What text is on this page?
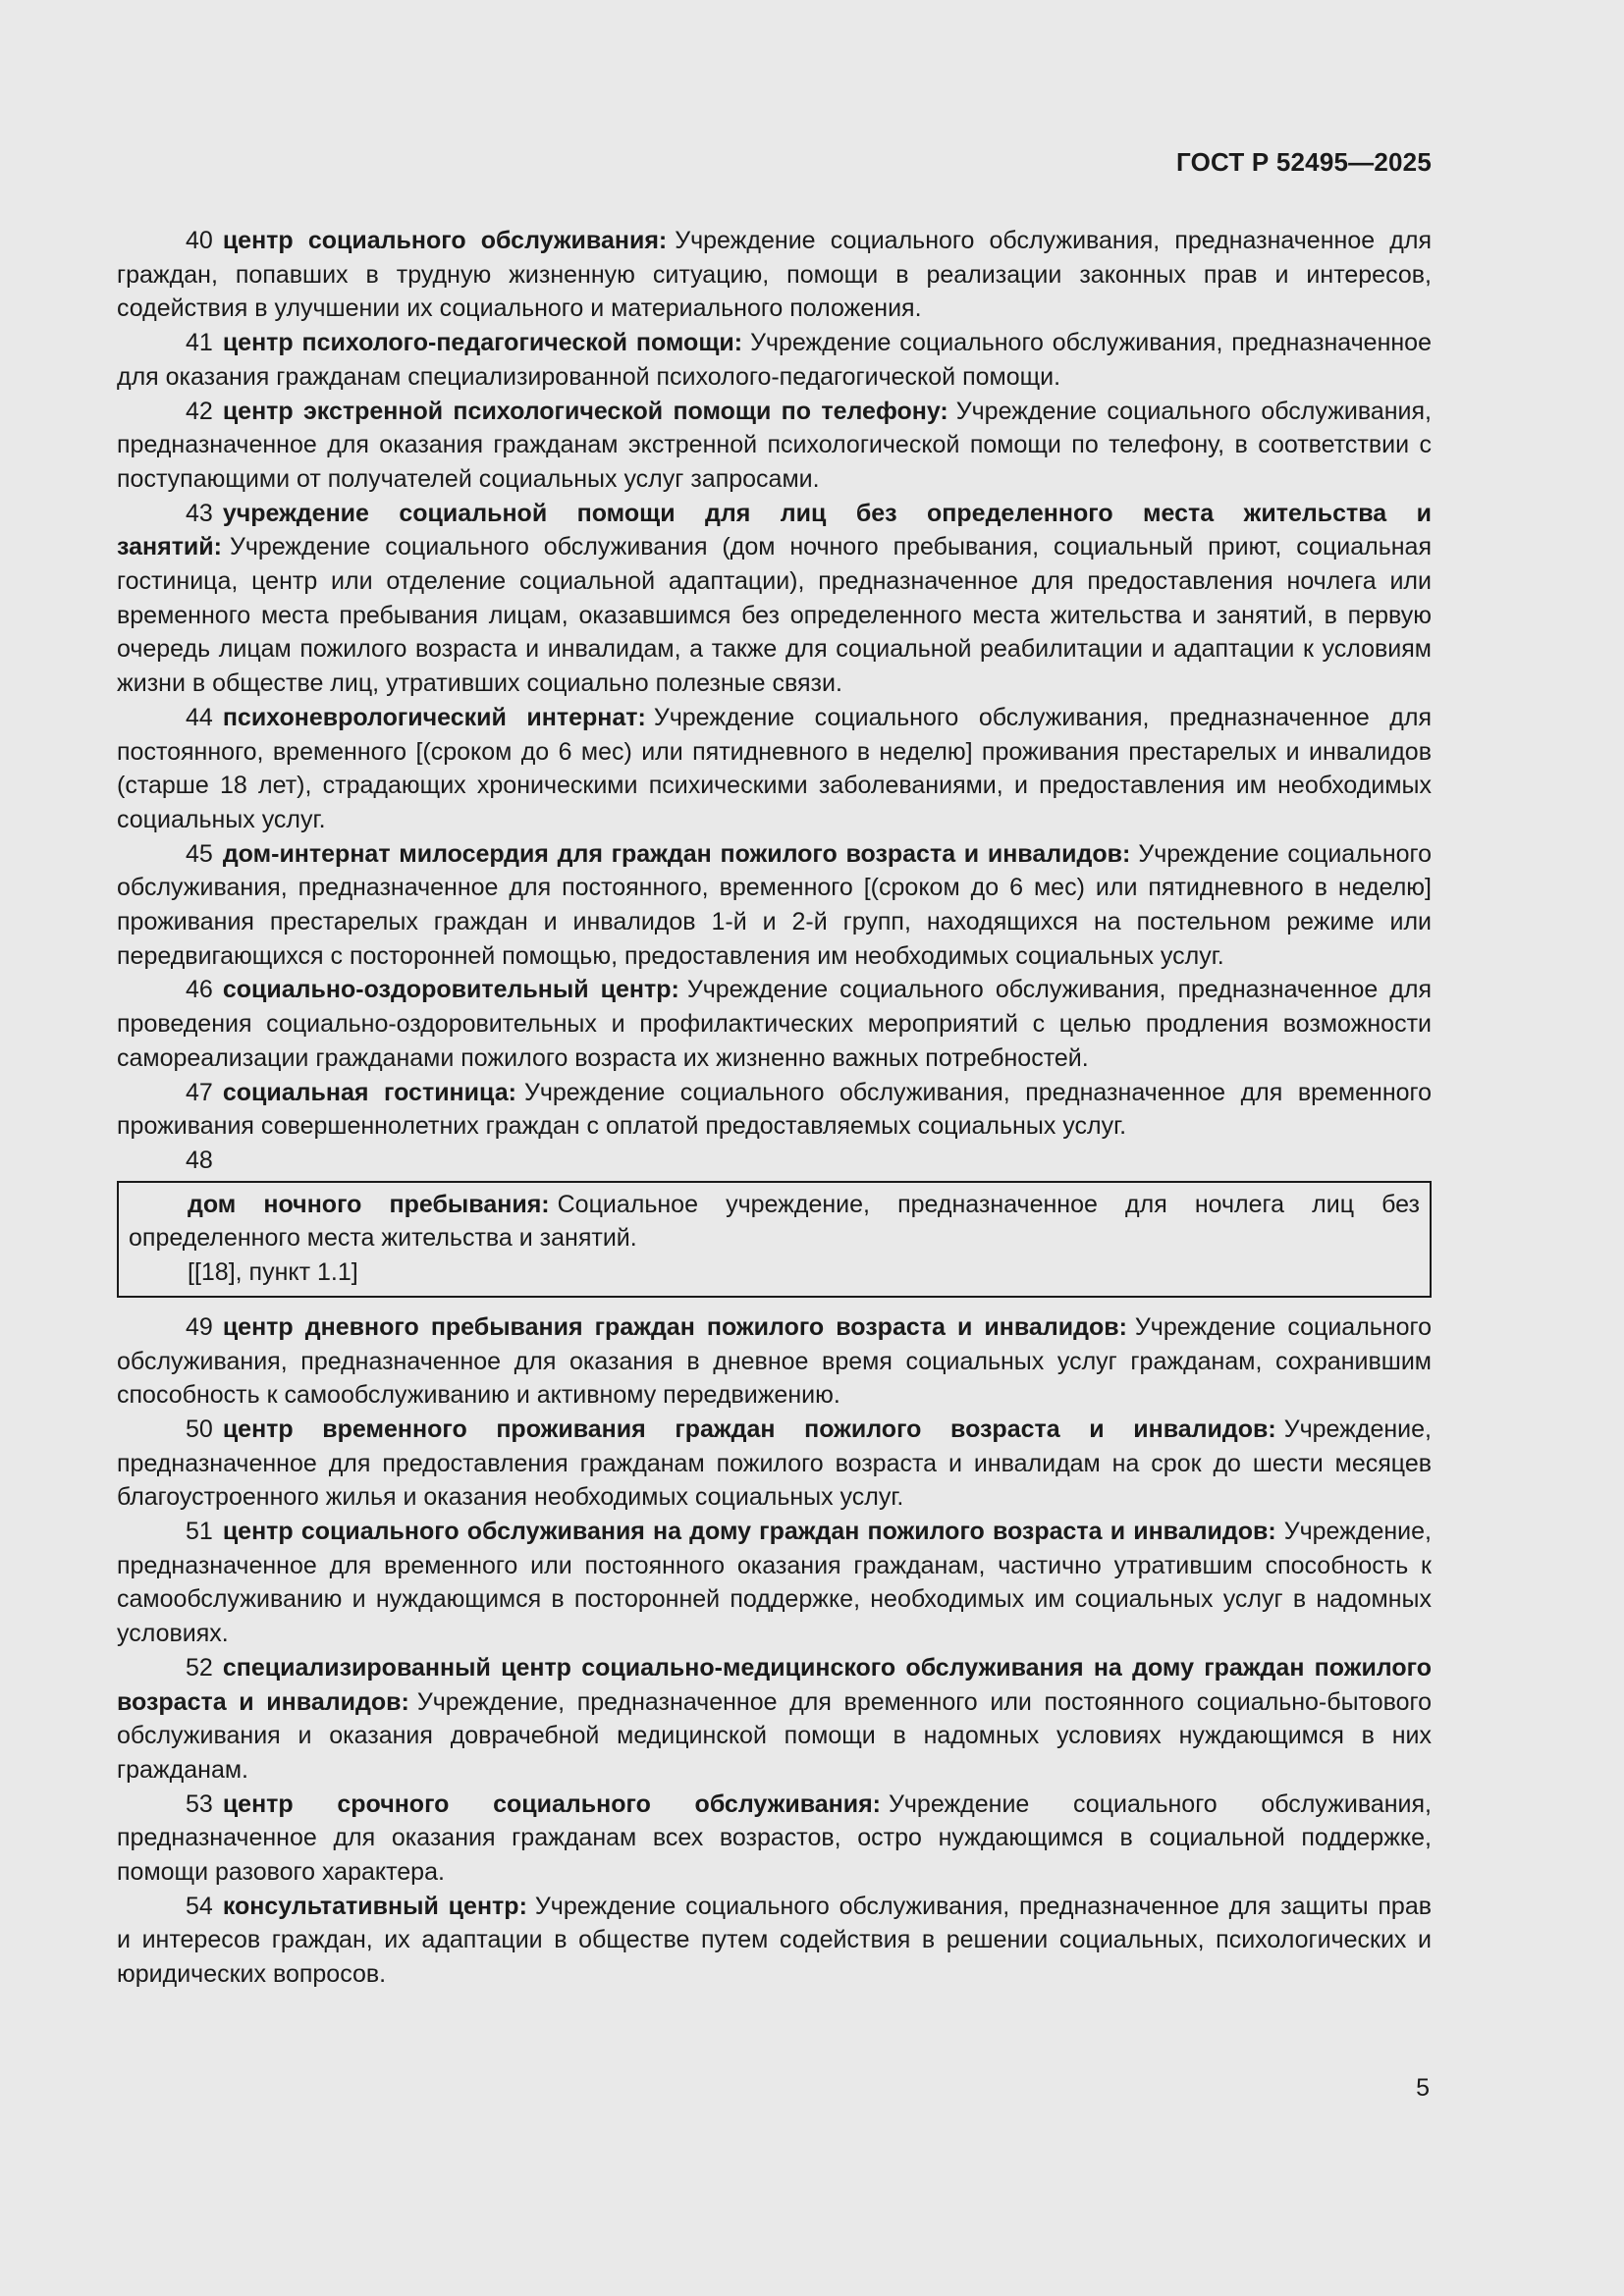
ГОСТ Р 52495—2025

40 центр социального обслуживания: Учреждение социального обслуживания, предназначенное для граждан, попавших в трудную жизненную ситуацию, помощи в реализации законных прав и интересов, содействия в улучшении их социального и материального положения.

41 центр психолого-педагогической помощи: Учреждение социального обслуживания, предназначенное для оказания гражданам специализированной психолого-педагогической помощи.

42 центр экстренной психологической помощи по телефону: Учреждение социального обслуживания, предназначенное для оказания гражданам экстренной психологической помощи по телефону, в соответствии с поступающими от получателей социальных услуг запросами.

43 учреждение социальной помощи для лиц без определенного места жительства и занятий: Учреждение социального обслуживания (дом ночного пребывания, социальный приют, социальная гостиница, центр или отделение социальной адаптации), предназначенное для предоставления ночлега или временного места пребывания лицам, оказавшимся без определенного места жительства и занятий, в первую очередь лицам пожилого возраста и инвалидам, а также для социальной реабилитации и адаптации к условиям жизни в обществе лиц, утративших социально полезные связи.

44 психоневрологический интернат: Учреждение социального обслуживания, предназначенное для постоянного, временного [(сроком до 6 мес) или пятидневного в неделю] проживания престарелых и инвалидов (старше 18 лет), страдающих хроническими психическими заболеваниями, и предоставления им необходимых социальных услуг.

45 дом-интернат милосердия для граждан пожилого возраста и инвалидов: Учреждение социального обслуживания, предназначенное для постоянного, временного [(сроком до 6 мес) или пятидневного в неделю] проживания престарелых граждан и инвалидов 1-й и 2-й групп, находящихся на постельном режиме или передвигающихся с посторонней помощью, предоставления им необходимых социальных услуг.

46 социально-оздоровительный центр: Учреждение социального обслуживания, предназначенное для проведения социально-оздоровительных и профилактических мероприятий с целью продления возможности самореализации гражданами пожилого возраста их жизненно важных потребностей.

47 социальная гостиница: Учреждение социального обслуживания, предназначенное для временного проживания совершеннолетних граждан с оплатой предоставляемых социальных услуг.

48

дом ночного пребывания: Социальное учреждение, предназначенное для ночлега лиц без определенного места жительства и занятий.

[[18], пункт 1.1]

49 центр дневного пребывания граждан пожилого возраста и инвалидов: Учреждение социального обслуживания, предназначенное для оказания в дневное время социальных услуг гражданам, сохранившим способность к самообслуживанию и активному передвижению.

50 центр временного проживания граждан пожилого возраста и инвалидов: Учреждение, предназначенное для предоставления гражданам пожилого возраста и инвалидам на срок до шести месяцев благоустроенного жилья и оказания необходимых социальных услуг.

51 центр социального обслуживания на дому граждан пожилого возраста и инвалидов: Учреждение, предназначенное для временного или постоянного оказания гражданам, частично утратившим способность к самообслуживанию и нуждающимся в посторонней поддержке, необходимых им социальных услуг в надомных условиях.

52 специализированный центр социально-медицинского обслуживания на дому граждан пожилого возраста и инвалидов: Учреждение, предназначенное для временного или постоянного социально-бытового обслуживания и оказания доврачебной медицинской помощи в надомных условиях нуждающимся в них гражданам.

53 центр срочного социального обслуживания: Учреждение социального обслуживания, предназначенное для оказания гражданам всех возрастов, остро нуждающимся в социальной поддержке, помощи разового характера.

54 консультативный центр: Учреждение социального обслуживания, предназначенное для защиты прав и интересов граждан, их адаптации в обществе путем содействия в решении социальных, психологических и юридических вопросов.

5
